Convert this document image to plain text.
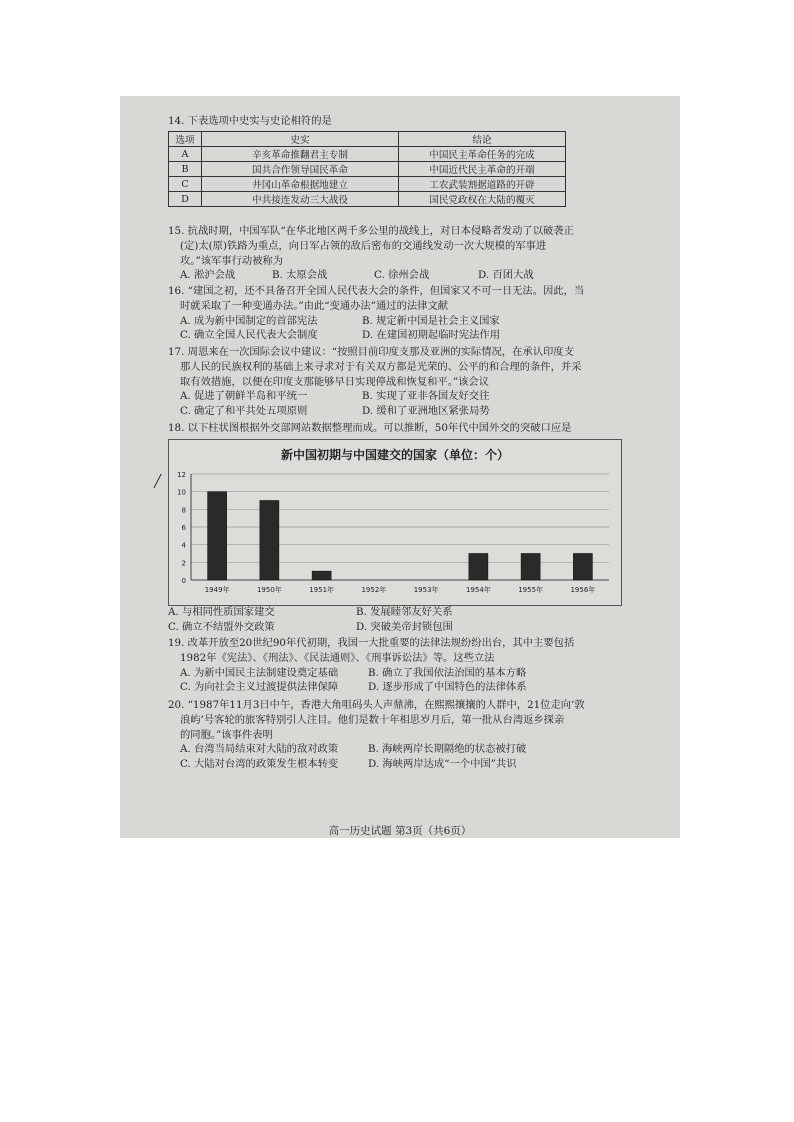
14. 下表选项中史实与史论相符的是

选项	史实	结论
A	辛亥革命推翻君主专制	中国民主革命任务的完成
B	国共合作领导国民革命	中国近代民主革命的开端
C	井冈山革命根据地建立	工农武装割据道路的开辟
D	中共接连发动三大战役	国民党政权在大陆的覆灭

15. 抗战时期，中国军队“在华北地区两千多公里的战线上，对日本侵略者发动了以破袭正

(定)太(原)铁路为重点，向日军占领的敌后密布的交通线发动一次大规模的军事进

攻。”该军事行动被称为

A. 淞沪会战	B. 太原会战	C. 徐州会战	D. 百团大战

16. “建国之初，还不具备召开全国人民代表大会的条件，但国家又不可一日无法。因此，当

时就采取了一种变通办法。”由此“变通办法”通过的法律文献

A. 成为新中国制定的首部宪法	B. 规定新中国是社会主义国家
C. 确立全国人民代表大会制度	D. 在建国初期起临时宪法作用

17. 周恩来在一次国际会议中建议：“按照目前印度支那及亚洲的实际情况，在承认印度支

那人民的民族权利的基础上来寻求对于有关双方都是光荣的、公平的和合理的条件，并采

取有效措施，以便在印度支那能够早日实现停战和恢复和平。”该会议

A. 促进了朝鲜半岛和平统一	B. 实现了亚非各国友好交往
C. 确定了和平共处五项原则	D. 缓和了亚洲地区紧张局势

18. 以下柱状图根据外交部网站数据整理而成。可以推断，50年代中国外交的突破口应是

╱
新中国初期与中国建交的国家（单位：个）
0
2
4
6
8
10
12
1949年	1950年	1951年	1952年	1953年	1954年	1955年	1956年
A. 与相同性质国家建交	B. 发展睦邻友好关系
C. 确立不结盟外交政策	D. 突破美帝封锁包围

19. 改革开放至20世纪90年代初期，我国一大批重要的法律法规纷纷出台，其中主要包括

1982年《宪法》、《刑法》、《民法通则》、《刑事诉讼法》等。这些立法

A. 为新中国民主法制建设奠定基础	B. 确立了我国依法治国的基本方略
C. 为向社会主义过渡提供法律保障	D. 逐步形成了中国特色的法律体系

20. “1987年11月3日中午，香港大角咀码头人声鼎沸，在熙熙攘攘的人群中，21位走向‘敦

浪屿’号客轮的旅客特别引人注目。他们是数十年相思岁月后，第一批从台湾返乡探亲

的同胞。”该事件表明

A. 台湾当局结束对大陆的敌对政策	B. 海峡两岸长期隔绝的状态被打破
C. 大陆对台湾的政策发生根本转变	D. 海峡两岸达成“一个中国”共识
高一历史试题 第3页（共6页）
